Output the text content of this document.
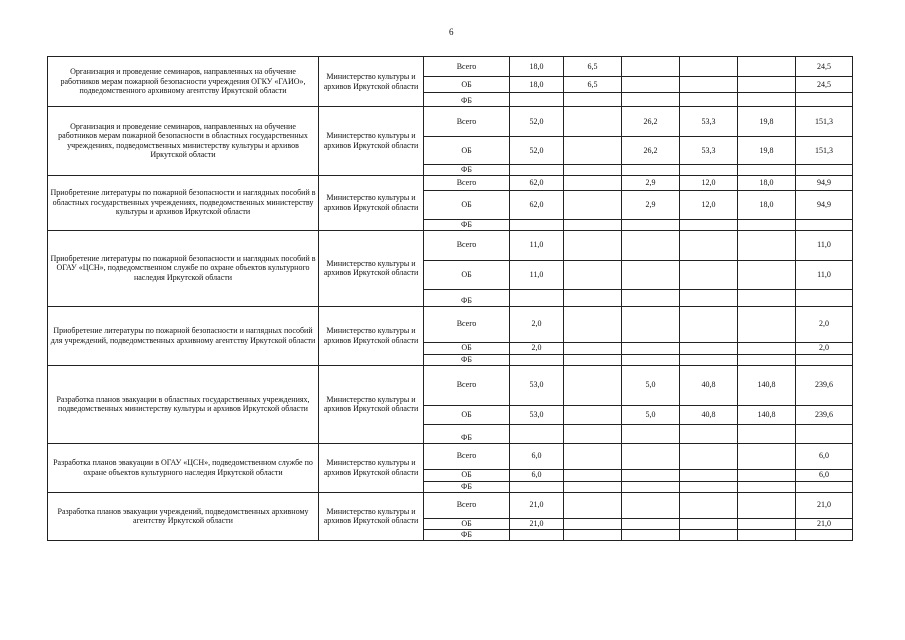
6
Организация и проведение семинаров, направленных на обучение работников мерам пожарной безопасности учреждения ОГКУ «ГАИО», подведомственного архивному агентству Иркутской области	Министерство культуры и архивов Иркутской области	Всего	18,0	6,5				24,5
		ОБ	18,0	6,5				24,5
		ФБ						
Организация и проведение семинаров, направленных на обучение работников мерам пожарной безопасности в областных государственных учреждениях, подведомственных министерству культуры и архивов Иркутской области	Министерство культуры и архивов Иркутской области	Всего	52,0		26,2	53,3	19,8	151,3
		ОБ	52,0		26,2	53,3	19,8	151,3
		ФБ						
Приобретение литературы по пожарной безопасности и наглядных пособий в областных государственных учреждениях, подведомственных министерству культуры и архивов Иркутской области	Министерство культуры и архивов Иркутской области	Всего	62,0		2,9	12,0	18,0	94,9
		ОБ	62,0		2,9	12,0	18,0	94,9
		ФБ						
Приобретение литературы по пожарной безопасности и наглядных пособий в ОГАУ «ЦСН», подведомственном службе по охране объектов культурного наследия Иркутской области	Министерство культуры и архивов Иркутской области	Всего	11,0					11,0
		ОБ	11,0					11,0
		ФБ						
Приобретение литературы по пожарной безопасности и наглядных пособий для учреждений, подведомственных архивному агентству Иркутской области	Министерство культуры и архивов Иркутской области	Всего	2,0					2,0
		ОБ	2,0					2,0
		ФБ						
Разработка планов эвакуации в областных государственных учреждениях, подведомственных министерству культуры и архивов Иркутской области	Министерство культуры и архивов Иркутской области	Всего	53,0		5,0	40,8	140,8	239,6
		ОБ	53,0		5,0	40,8	140,8	239,6
		ФБ						
Разработка планов эвакуации в ОГАУ «ЦСН», подведомственном службе по охране объектов культурного наследия Иркутской области	Министерство культуры и архивов Иркутской области	Всего	6,0					6,0
		ОБ	6,0					6,0
		ФБ						
Разработка планов эвакуации учреждений, подведомственных архивному агентству Иркутской области	Министерство культуры и архивов Иркутской области	Всего	21,0					21,0
		ОБ	21,0					21,0
		ФБ						
